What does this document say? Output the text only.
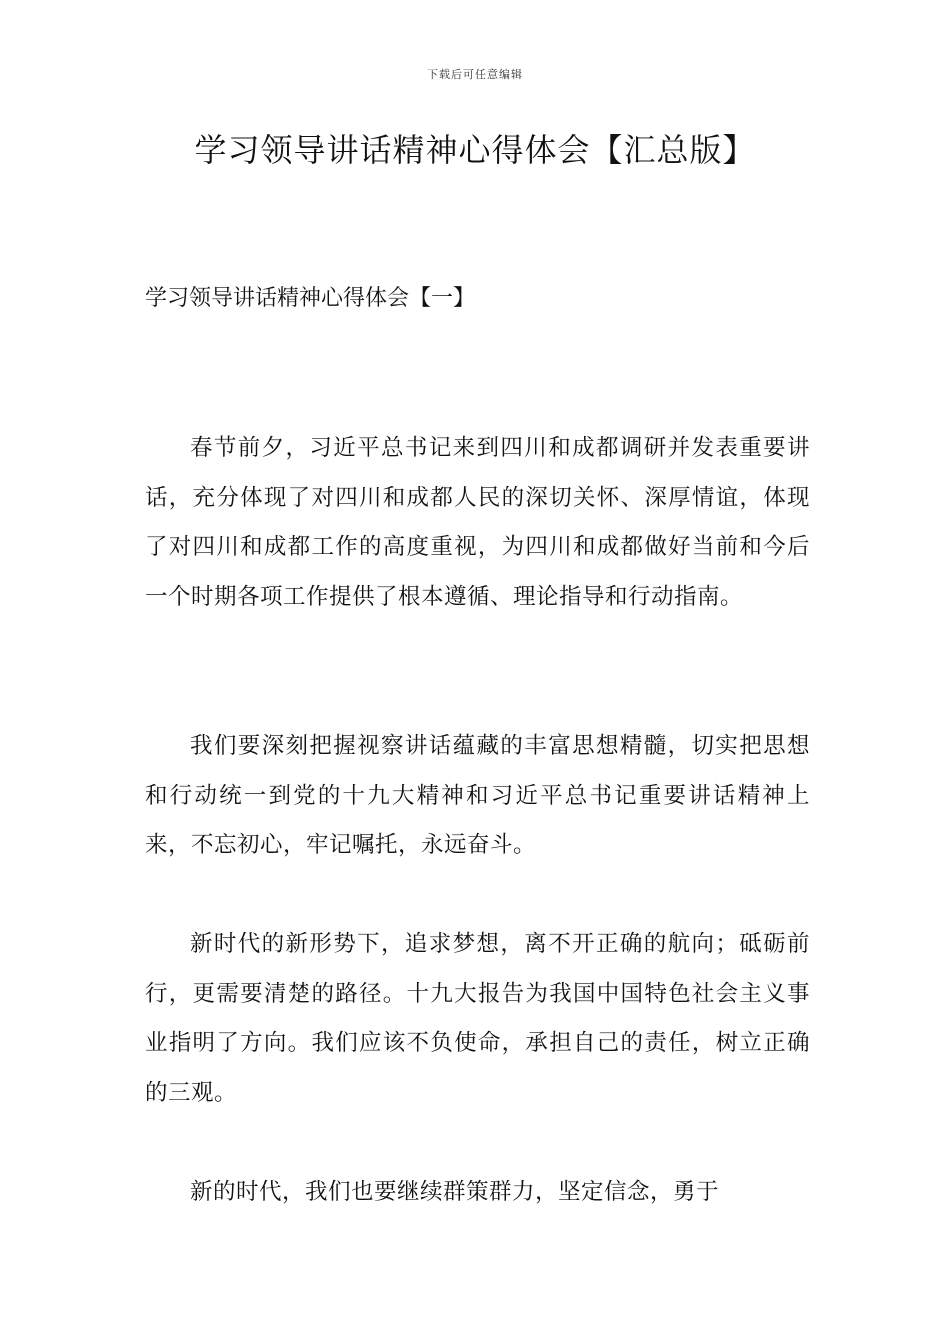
下载后可任意编辑
学习领导讲话精神心得体会【汇总版】
学习领导讲话精神心得体会【一】

春节前夕，习近平总书记来到四川和成都调研并发表重要讲话，充分体现了对四川和成都人民的深切关怀、深厚情谊，体现了对四川和成都工作的高度重视，为四川和成都做好当前和今后一个时期各项工作提供了根本遵循、理论指导和行动指南。

我们要深刻把握视察讲话蕴藏的丰富思想精髓，切实把思想和行动统一到党的十九大精神和习近平总书记重要讲话精神上来，不忘初心，牢记嘱托，永远奋斗。

新时代的新形势下，追求梦想，离不开正确的航向；砥砺前行，更需要清楚的路径。十九大报告为我国中国特色社会主义事业指明了方向。我们应该不负使命，承担自己的责任，树立正确的三观。

新的时代，我们也要继续群策群力，坚定信念，勇于
